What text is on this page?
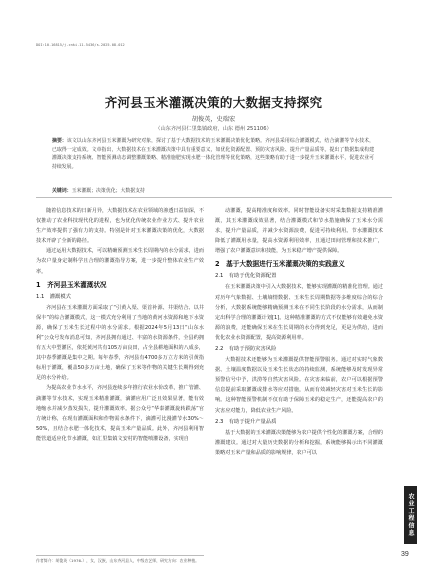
DOI:10.16815/j.cnki.11-5436/s.2025.08.012
齐河县玉米灌溉决策的大数据支持探究
胡俊英，史瑞宏
（山东齐河县仁里集镇政府，山东 德州 251106）
摘要：该文以山东齐河县玉米灌溉为研究对象，探讨了基于大数据技术的玉米灌溉决策优化策略。齐河县采用综合灌溉模式，结合滴灌等节水技术，已取得一定成效。文章指出，大数据技术在玉米灌溉决策中具有重要意义，如优化资源配置、预防灾害风险、提升产量品质等。提出了数据集成构建灌溉决策支持系统、智能预测动态调整灌溉策略、精准施肥实现水肥一体化管理等优化策略，这些策略有助于进一步提升玉米灌溉水平，促进农业可持续发展。
关键词：玉米灌溉；决策优化；大数据支持

随着信息技术的日新月异，大数据技术在农业领域的渗透日益加深，不仅推动了农业科技现代化的进程，也为优化传统农业作业方式、提升农业生产效率提供了强有力的支持。特别是针对玉米灌溉决策的优化，大数据技术开辟了全新的路径。

通过运用大数据技术，可以精确预测玉米生长周期内的水分需求，进而为农户量身定制科学且合理的灌溉指导方案，进一步提升整体农业生产效率。

1　齐河县玉米灌溉状况
1.1　灌溉模式

齐河县在玉米灌溉方面采取了“引黄入渠、渠首补源、井渠结合、以井保丰”的综合灌溉模式，这一模式充分利用了当地的黄河水资源和地下水资源，确保了玉米生长过程中的水分需求。根据2024年5月13日“山东水利”公众号发布消息可知，齐河县拥有通过、丰富的水资源条件，全县约拥有五大中型灌区，依托黄河共有105万亩良田，占全县耕地面积的八成多，其中春季灌溉是集中之期。每年春季，齐河县有4700多万立方米的引黄指标用于灌溉，覆盖50多万亩土地，确保了玉米等作物的关键生长期得到充足的水分补给。

为提高农业节水水平，齐河县连续多年推行农业水价改革，推广管灌、滴灌等节水技术，实现玉米精准灌溉，滴灌应用广泛且效果显著，能有效地缩水并减少蒸发损失，提升灌溉效率。据公众号“华泰灌溉旋转跌荡”官方统计称，在现有灌溉面积和作物需水条件下，滴灌可比漫灌节水30%～50%，且结合水肥一体化技术，提高玉米产量品质。此外，齐河县利用智能管道适应化节水灌溉，如汇里集镇文安村的智能喷灌设备，实现自

动灌溉，提高精准度和效率。同时智能设备实时采集数据支持精准灌溉，其玉米灌溉成效显著，结合灌溉模式和节水措施确保了玉米水分需求，提升产量品质，并减少水资源浪费，促进可持续利用。节水灌溉技术降低了灌溉用水量，提高水资源利用效率，且通过田间管理和技术推广，增强了农户灌溉意识和技能，为玉米稳产增产提供保障。

2　基于大数据进行玉米灌溉决策的实践意义
2.1　有助于优化资源配置

在玉米灌溉决策中引入大数据技术，能够实现灌溉的精准化管理。通过对历年气象数据、土壤墒情数据、玉米生长周期数据等多维度综合的综合分析，大数据系统能够精确预测玉米在不同生长阶段的水分需求，从而制定出科学合理的灌溉计划[1]。这种精准灌溉的方式不仅能够有效避免水资源的浪费，还能确保玉米在生长周期的水分得到充足，更是为供给，进而优化农业水资源配置，提高资源利用率。

2.2　有助于预防灾害风险

大数据技术还能够为玉米灌溉提供智能预警服务。通过对实时气象数据、土壤温度数据以及玉米生长状态的持续监测，系统能够及时发现异常预警信号中予，洪涝等自然灾害风险。在灾害来临前，农户可以根据预警信息提前采取灌溉或排水等应对措施，从而有效减轻灾害对玉米生长的影响。这种智能预警机制不仅有助于保障玉米的稳定生产，还能提高农户的灾害应对能力，降低农业生产风险。

2.3　有助于提升产量品质

基于大数据的玉米灌溉决策能够为农户提供个性化的灌溉方案，合理的灌溉建议。通过对大量历史数据的分析和挖掘，系统能够揭示出不同灌溉策略对玉米产量和品质的影响规律，农户可以

作者简介：胡俊英（1976-），女，汉族，山东齐河县人，中级农艺师，研究方向：农业种植。
农业工程信息
39
